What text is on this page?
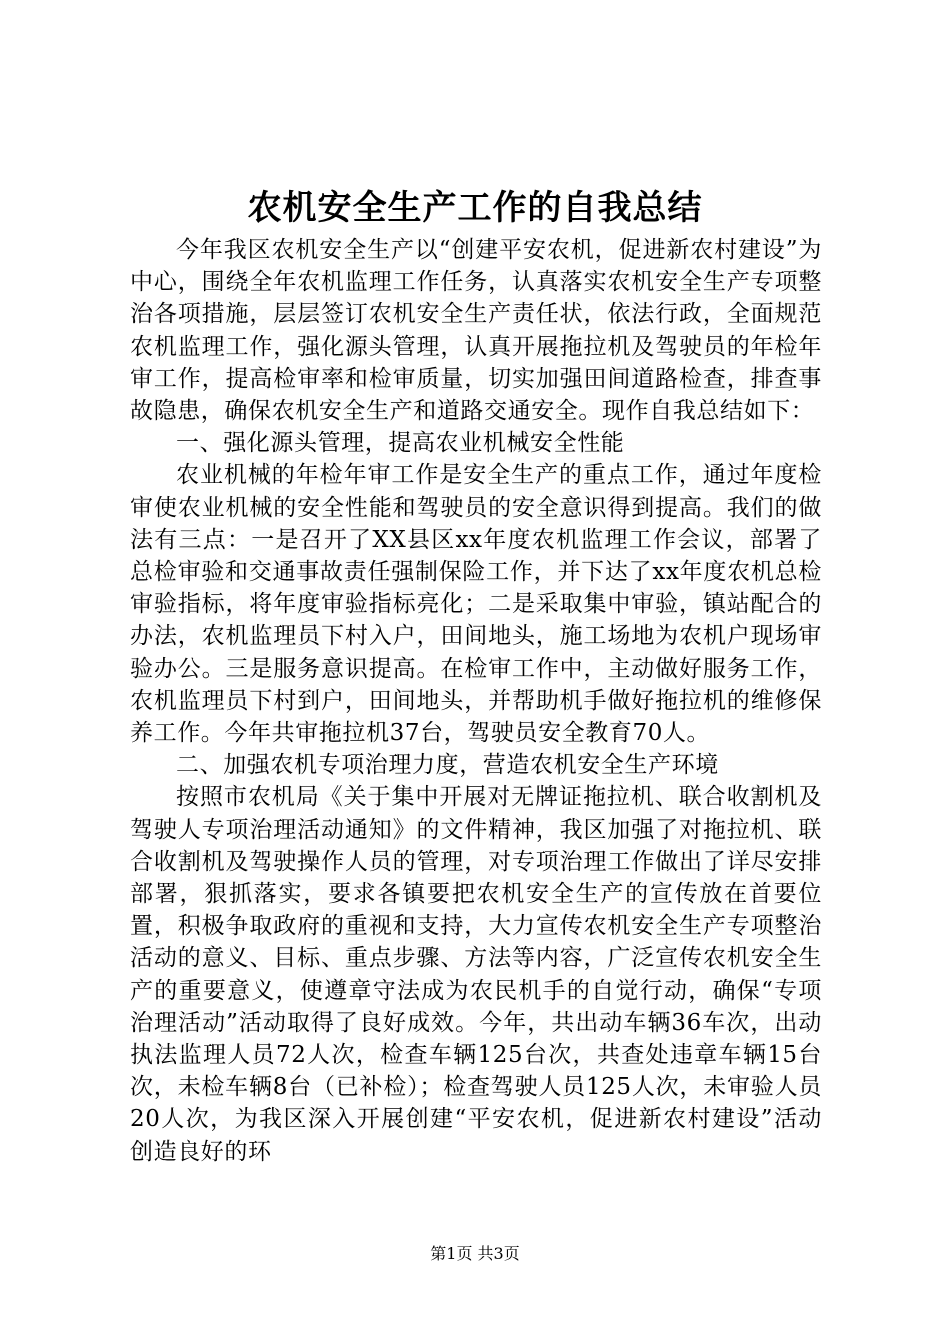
农机安全生产工作的自我总结

今年我区农机安全生产以“创建平安农机，促进新农村建设”为中心，围绕全年农机监理工作任务，认真落实农机安全生产专项整治各项措施，层层签订农机安全生产责任状，依法行政，全面规范农机监理工作，强化源头管理，认真开展拖拉机及驾驶员的年检年审工作，提高检审率和检审质量，切实加强田间道路检查，排查事故隐患，确保农机安全生产和道路交通安全。现作自我总结如下：

一、强化源头管理，提高农业机械安全性能

农业机械的年检年审工作是安全生产的重点工作，通过年度检审使农业机械的安全性能和驾驶员的安全意识得到提高。我们的做法有三点：一是召开了XX县区xx年度农机监理工作会议，部署了总检审验和交通事故责任强制保险工作，并下达了xx年度农机总检审验指标，将年度审验指标亮化；二是采取集中审验，镇站配合的办法，农机监理员下村入户，田间地头，施工场地为农机户现场审验办公。三是服务意识提高。在检审工作中，主动做好服务工作，农机监理员下村到户，田间地头，并帮助机手做好拖拉机的维修保养工作。今年共审拖拉机37台，驾驶员安全教育70人。

二、加强农机专项治理力度，营造农机安全生产环境

按照市农机局《关于集中开展对无牌证拖拉机、联合收割机及驾驶人专项治理活动通知》的文件精神，我区加强了对拖拉机、联合收割机及驾驶操作人员的管理，对专项治理工作做出了详尽安排部署，狠抓落实，要求各镇要把农机安全生产的宣传放在首要位置，积极争取政府的重视和支持，大力宣传农机安全生产专项整治活动的意义、目标、重点步骤、方法等内容，广泛宣传农机安全生产的重要意义，使遵章守法成为农民机手的自觉行动，确保“专项治理活动”活动取得了良好成效。今年，共出动车辆36车次，出动执法监理人员72人次，检查车辆125台次，共查处违章车辆15台次，未检车辆8台（已补检）；检查驾驶人员125人次，未审验人员20人次，为我区深入开展创建“平安农机，促进新农村建设”活动创造良好的环

第1页 共3页
